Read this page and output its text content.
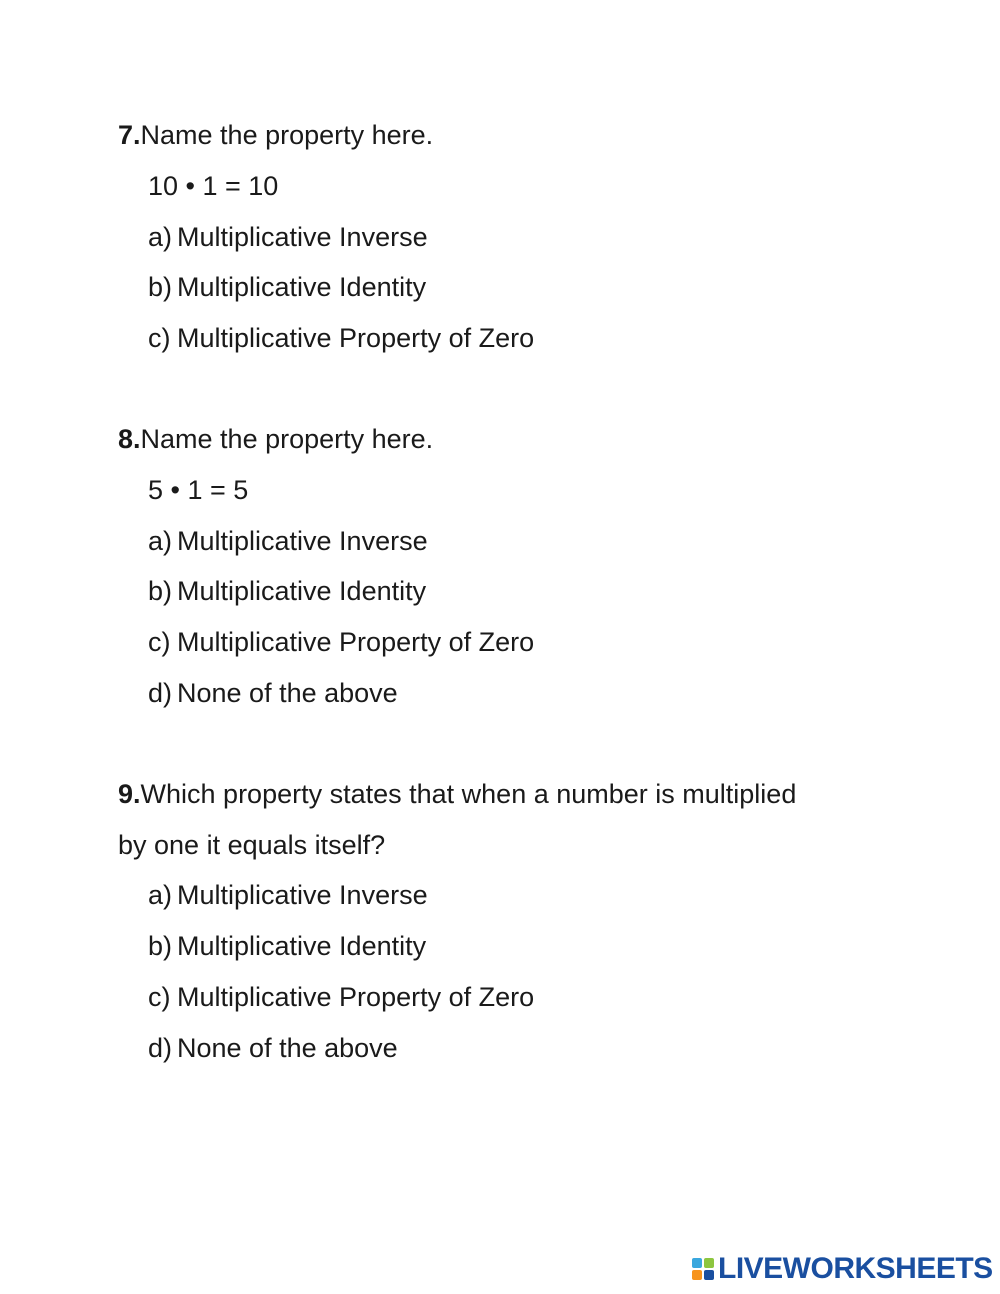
7.Name the property here.
10 • 1 = 10
a) Multiplicative Inverse
b) Multiplicative Identity
c) Multiplicative Property of Zero
8.Name the property here.
5 • 1 = 5
a) Multiplicative Inverse
b) Multiplicative Identity
c) Multiplicative Property of Zero
d) None of the above
9.Which property states that when a number is multiplied
by one it equals itself?
a) Multiplicative Inverse
b) Multiplicative Identity
c) Multiplicative Property of Zero
d) None of the above
LIVEWORKSHEETS
